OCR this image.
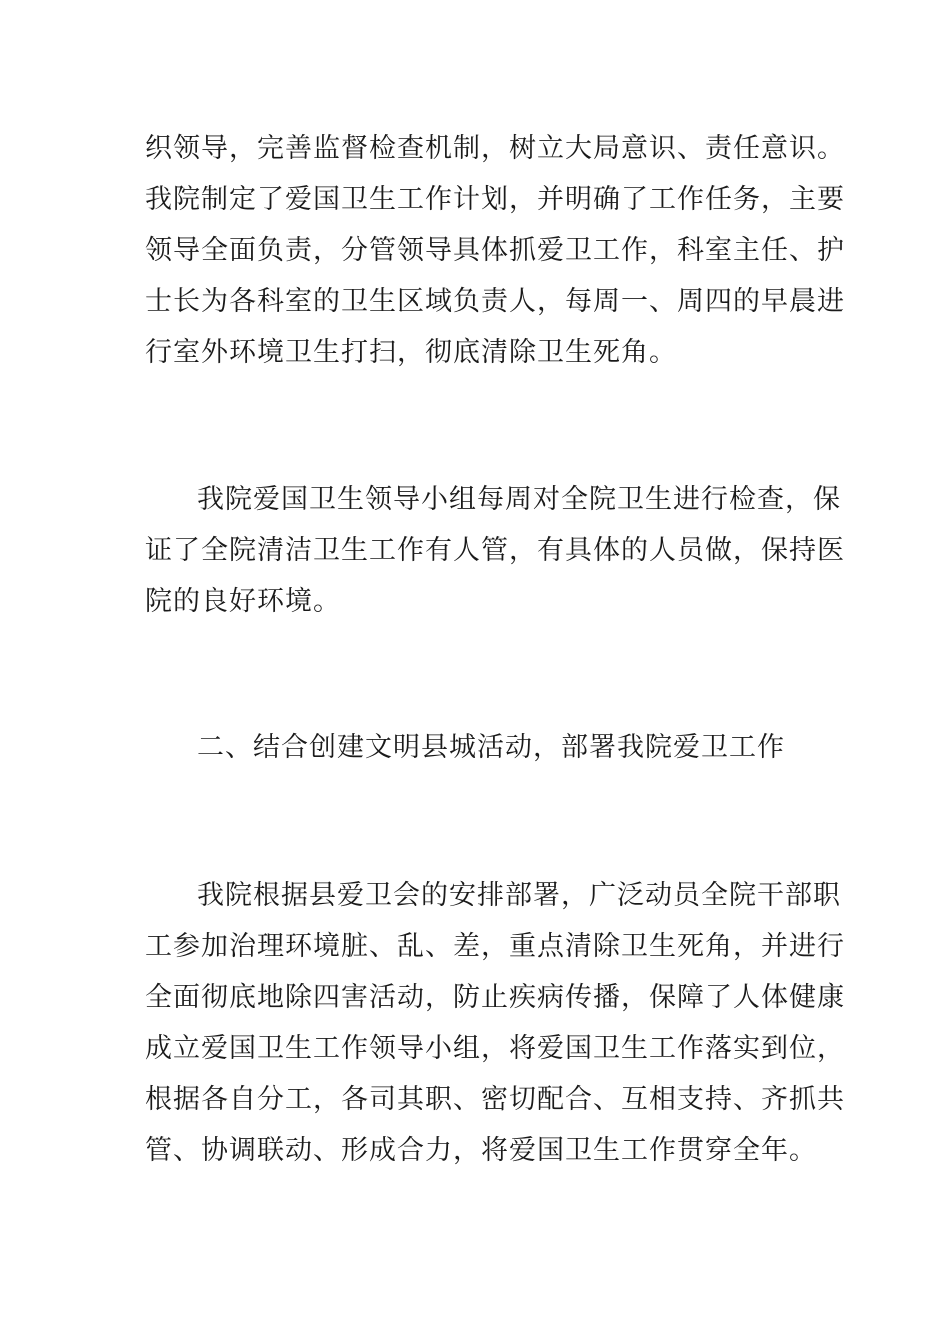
织领导，完善监督检查机制，树立大局意识、责任意识。
我院制定了爱国卫生工作计划，并明确了工作任务，主要
领导全面负责，分管领导具体抓爱卫工作，科室主任、护
士长为各科室的卫生区域负责人，每周一、周四的早晨进
行室外环境卫生打扫，彻底清除卫生死角。
我院爱国卫生领导小组每周对全院卫生进行检查，保
证了全院清洁卫生工作有人管，有具体的人员做，保持医
院的良好环境。
二、结合创建文明县城活动，部署我院爱卫工作
我院根据县爱卫会的安排部署，广泛动员全院干部职
工参加治理环境脏、乱、差，重点清除卫生死角，并进行
全面彻底地除四害活动，防止疾病传播，保障了人体健康
成立爱国卫生工作领导小组，将爱国卫生工作落实到位，
根据各自分工，各司其职、密切配合、互相支持、齐抓共
管、协调联动、形成合力，将爱国卫生工作贯穿全年。
